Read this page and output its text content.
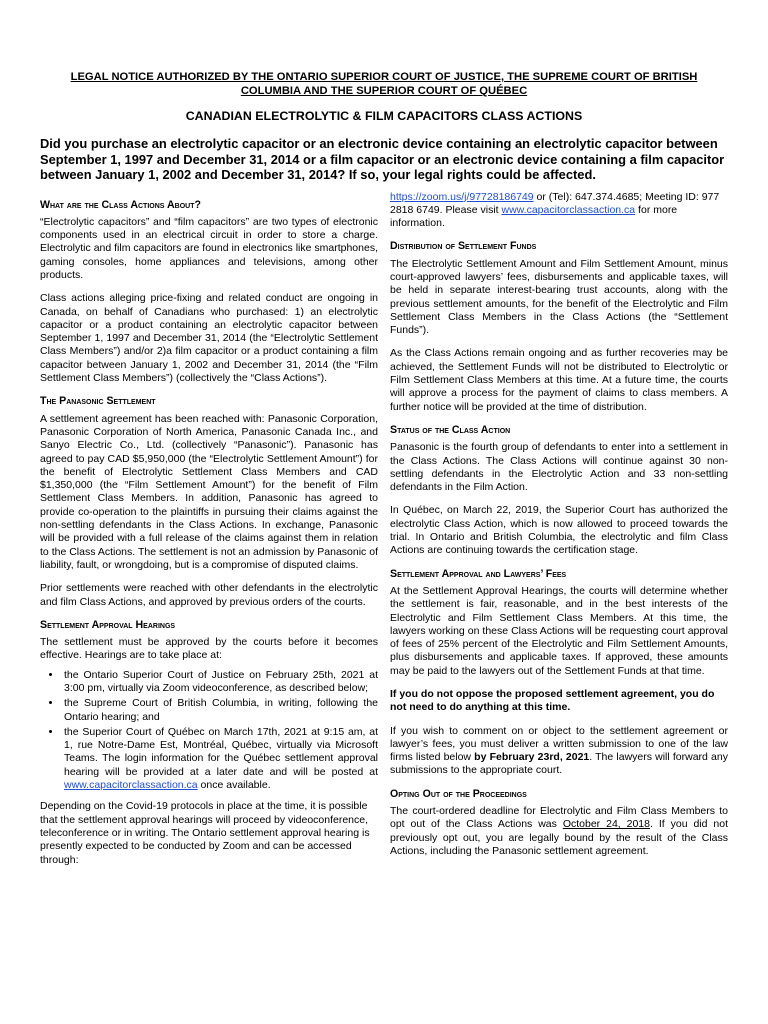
LEGAL NOTICE AUTHORIZED BY THE ONTARIO SUPERIOR COURT OF JUSTICE, THE SUPREME COURT OF BRITISH COLUMBIA AND THE SUPERIOR COURT OF QUÉBEC
CANADIAN ELECTROLYTIC & FILM CAPACITORS CLASS ACTIONS
Did you purchase an electrolytic capacitor or an electronic device containing an electrolytic capacitor between September 1, 1997 and December 31, 2014 or a film capacitor or an electronic device containing a film capacitor between January 1, 2002 and December 31, 2014? If so, your legal rights could be affected.
What are the Class Actions About?

“Electrolytic capacitors” and “film capacitors” are two types of electronic components used in an electrical circuit in order to store a charge. Electrolytic and film capacitors are found in electronics like smartphones, gaming consoles, home appliances and televisions, among other products.

Class actions alleging price-fixing and related conduct are ongoing in Canada, on behalf of Canadians who purchased: 1) an electrolytic capacitor or a product containing an electrolytic capacitor between September 1, 1997 and December 31, 2014 (the “Electrolytic Settlement Class Members”) and/or 2)a film capacitor or a product containing a film capacitor between January 1, 2002 and December 31, 2014 (the “Film Settlement Class Members”) (collectively the “Class Actions”).

The Panasonic Settlement

A settlement agreement has been reached with: Panasonic Corporation, Panasonic Corporation of North America, Panasonic Canada Inc., and Sanyo Electric Co., Ltd. (collectively “Panasonic”). Panasonic has agreed to pay CAD $5,950,000 (the “Electrolytic Settlement Amount”) for the benefit of Electrolytic Settlement Class Members and CAD $1,350,000 (the “Film Settlement Amount”) for the benefit of Film Settlement Class Members. In addition, Panasonic has agreed to provide co-operation to the plaintiffs in pursuing their claims against the non-settling defendants in the Class Actions. In exchange, Panasonic will be provided with a full release of the claims against them in relation to the Class Actions. The settlement is not an admission by Panasonic of liability, fault, or wrongdoing, but is a compromise of disputed claims.

Prior settlements were reached with other defendants in the electrolytic and film Class Actions, and approved by previous orders of the courts.

Settlement Approval Hearings

The settlement must be approved by the courts before it becomes effective. Hearings are to take place at:

• the Ontario Superior Court of Justice on February 25th, 2021 at 3:00 pm, virtually via Zoom videoconference, as described below;
• the Supreme Court of British Columbia, in writing, following the Ontario hearing; and
• the Superior Court of Québec on March 17th, 2021 at 9:15 am, at 1, rue Notre-Dame Est, Montréal, Québec, virtually via Microsoft Teams. The login information for the Québec settlement approval hearing will be provided at a later date and will be posted at www.capacitorclassaction.ca once available.

Depending on the Covid-19 protocols in place at the time, it is possible that the settlement approval hearings will proceed by videoconference, teleconference or in writing. The Ontario settlement approval hearing is presently expected to be conducted by Zoom and can be accessed through:

https://zoom.us/j/97728186749 or (Tel): 647.374.4685; Meeting ID: 977 2818 6749. Please visit www.capacitorclassaction.ca for more information.

Distribution of Settlement Funds

The Electrolytic Settlement Amount and Film Settlement Amount, minus court-approved lawyers’ fees, disbursements and applicable taxes, will be held in separate interest-bearing trust accounts, along with the previous settlement amounts, for the benefit of the Electrolytic and Film Settlement Class Members in the Class Actions (the “Settlement Funds”).

As the Class Actions remain ongoing and as further recoveries may be achieved, the Settlement Funds will not be distributed to Electrolytic or Film Settlement Class Members at this time. At a future time, the courts will approve a process for the payment of claims to class members. A further notice will be provided at the time of distribution.

Status of the Class Action

Panasonic is the fourth group of defendants to enter into a settlement in the Class Actions. The Class Actions will continue against 30 non-settling defendants in the Electrolytic Action and 33 non-settling defendants in the Film Action.

In Québec, on March 22, 2019, the Superior Court has authorized the electrolytic Class Action, which is now allowed to proceed towards the trial. In Ontario and British Columbia, the electrolytic and film Class Actions are continuing towards the certification stage.

Settlement Approval and Lawyers’ Fees

At the Settlement Approval Hearings, the courts will determine whether the settlement is fair, reasonable, and in the best interests of the Electrolytic and Film Settlement Class Members. At this time, the lawyers working on these Class Actions will be requesting court approval of fees of 25% percent of the Electrolytic and Film Settlement Amounts, plus disbursements and applicable taxes. If approved, these amounts may be paid to the lawyers out of the Settlement Funds at that time.

If you do not oppose the proposed settlement agreement, you do not need to do anything at this time.

If you wish to comment on or object to the settlement agreement or lawyer’s fees, you must deliver a written submission to one of the law firms listed below by February 23rd, 2021. The lawyers will forward any submissions to the appropriate court.

Opting Out of the Proceedings

The court-ordered deadline for Electrolytic and Film Class Members to opt out of the Class Actions was October 24, 2018. If you did not previously opt out, you are legally bound by the result of the Class Actions, including the Panasonic settlement agreement.
